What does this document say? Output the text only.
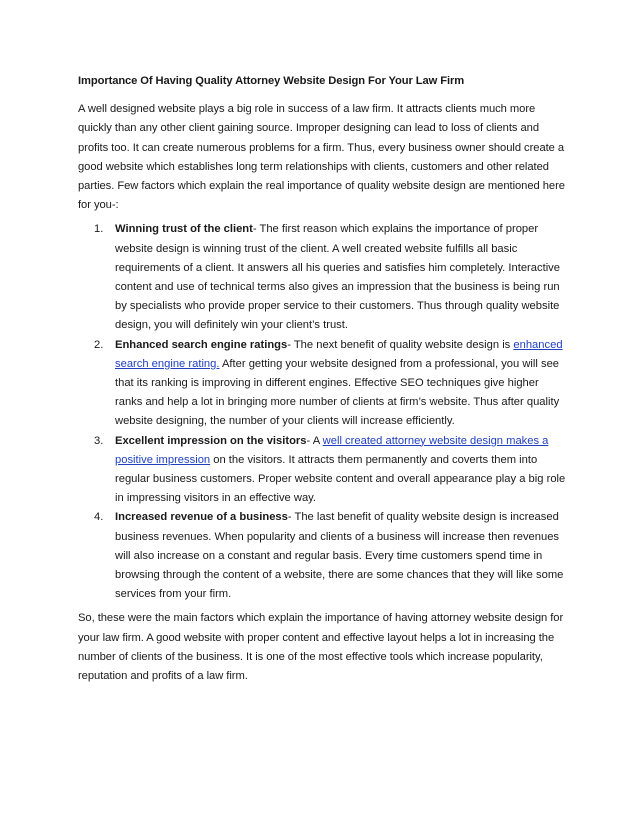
Importance Of Having Quality Attorney Website Design For Your Law Firm

A well designed website plays a big role in success of a law firm. It attracts clients much more quickly than any other client gaining source. Improper designing can lead to loss of clients and profits too. It can create numerous problems for a firm. Thus, every business owner should create a good website which establishes long term relationships with clients, customers and other related parties. Few factors which explain the real importance of quality website design are mentioned here for you-:

1. Winning trust of the client- The first reason which explains the importance of proper website design is winning trust of the client. A well created website fulfills all basic requirements of a client. It answers all his queries and satisfies him completely. Interactive content and use of technical terms also gives an impression that the business is being run by specialists who provide proper service to their customers. Thus through quality website design, you will definitely win your client’s trust.
2. Enhanced search engine ratings- The next benefit of quality website design is enhanced search engine rating. After getting your website designed from a professional, you will see that its ranking is improving in different engines. Effective SEO techniques give higher ranks and help a lot in bringing more number of clients at firm’s website. Thus after quality website designing, the number of your clients will increase efficiently.
3. Excellent impression on the visitors- A well created attorney website design makes a positive impression on the visitors. It attracts them permanently and coverts them into regular business customers. Proper website content and overall appearance play a big role in impressing visitors in an effective way.
4. Increased revenue of a business- The last benefit of quality website design is increased business revenues. When popularity and clients of a business will increase then revenues will also increase on a constant and regular basis. Every time customers spend time in browsing through the content of a website, there are some chances that they will like some services from your firm.

So, these were the main factors which explain the importance of having attorney website design for your law firm. A good website with proper content and effective layout helps a lot in increasing the number of clients of the business. It is one of the most effective tools which increase popularity, reputation and profits of a law firm.
